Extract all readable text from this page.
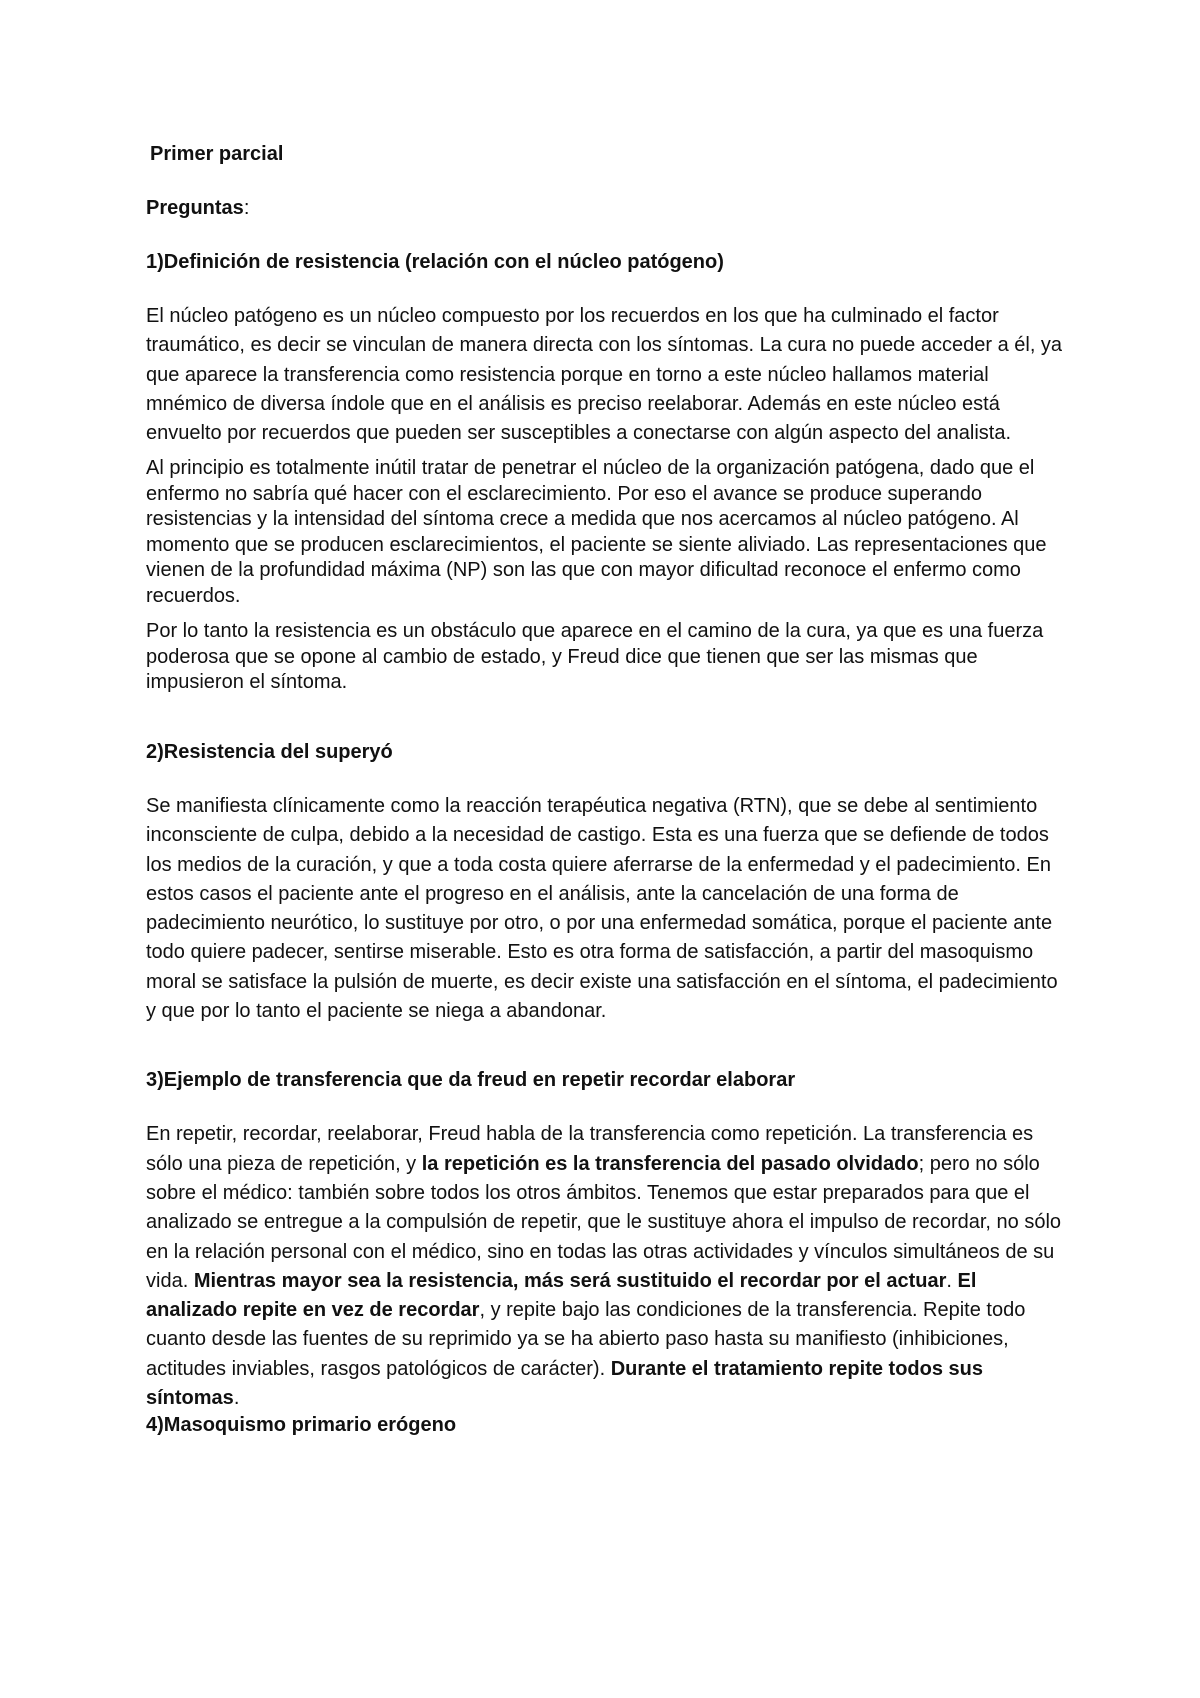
Primer parcial
Preguntas:
1)Definición de resistencia (relación con el núcleo patógeno)

El núcleo patógeno es un núcleo compuesto por los recuerdos en los que ha culminado el factor traumático, es decir se vinculan de manera directa con los síntomas. La cura no puede acceder a él, ya que aparece la transferencia como resistencia porque en torno a este núcleo hallamos material mnémico de diversa índole que en el análisis es preciso reelaborar. Además en este núcleo está envuelto por recuerdos que pueden ser susceptibles a conectarse con algún aspecto del analista.

Al principio es totalmente inútil tratar de penetrar el núcleo de la organización patógena, dado que el enfermo no sabría qué hacer con el esclarecimiento. Por eso el avance se produce superando resistencias y la intensidad del síntoma crece a medida que nos acercamos al núcleo patógeno. Al momento que se producen esclarecimientos, el paciente se siente aliviado. Las representaciones que vienen de la profundidad máxima (NP) son las que con mayor dificultad reconoce el enfermo como recuerdos.

Por lo tanto la resistencia es un obstáculo que aparece en el camino de la cura, ya que es una fuerza poderosa que se opone al cambio de estado, y Freud dice que tienen que ser las mismas que impusieron el síntoma.

2)Resistencia del superyó

Se manifiesta clínicamente como la reacción terapéutica negativa (RTN), que se debe al sentimiento inconsciente de culpa, debido a la necesidad de castigo. Esta es una fuerza que se defiende de todos los medios de la curación, y que a toda costa quiere aferrarse de la enfermedad y el padecimiento. En estos casos el paciente ante el progreso en el análisis, ante la cancelación de una forma de padecimiento neurótico, lo sustituye por otro, o por una enfermedad somática, porque el paciente ante todo quiere padecer, sentirse miserable. Esto es otra forma de satisfacción, a partir del masoquismo moral se satisface la pulsión de muerte, es decir existe una satisfacción en el síntoma, el padecimiento y que por lo tanto el paciente se niega a abandonar.

3)Ejemplo de transferencia que da freud en repetir recordar elaborar

En repetir, recordar, reelaborar, Freud habla de la transferencia como repetición. La transferencia es sólo una pieza de repetición, y la repetición es la transferencia del pasado olvidado; pero no sólo sobre el médico: también sobre todos los otros ámbitos. Tenemos que estar preparados para que el analizado se entregue a la compulsión de repetir, que le sustituye ahora el impulso de recordar, no sólo en la relación personal con el médico, sino en todas las otras actividades y vínculos simultáneos de su vida. Mientras mayor sea la resistencia, más será sustituido el recordar por el actuar. El analizado repite en vez de recordar, y repite bajo las condiciones de la transferencia. Repite todo cuanto desde las fuentes de su reprimido ya se ha abierto paso hasta su manifiesto (inhibiciones, actitudes inviables, rasgos patológicos de carácter). Durante el tratamiento repite todos sus síntomas.

4)Masoquismo primario erógeno
